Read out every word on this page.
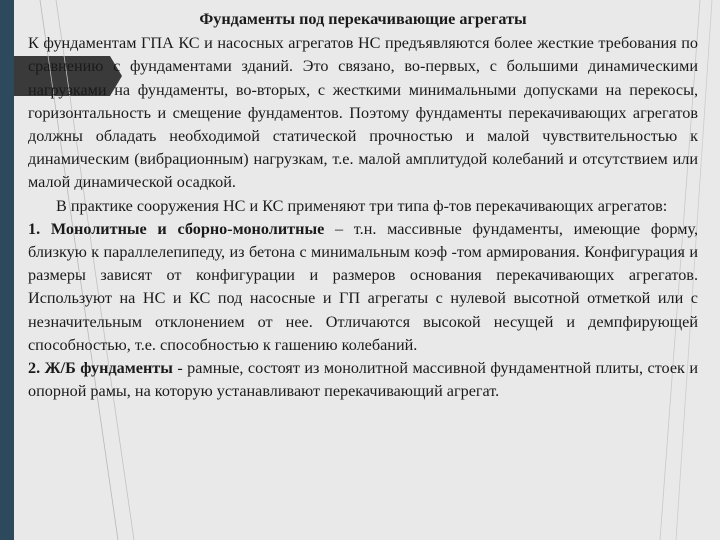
Фундаменты под перекачивающие агрегаты

К фундаментам ГПА КС и насосных агрегатов НС предъявляются более жесткие требования по сравнению с фундаментами зданий. Это связано, во-первых, с большими динамическими нагрузками на фундаменты, во-вторых, с жесткими минимальными допусками на перекосы, горизонтальность и смещение фундаментов. Поэтому фундаменты перекачивающих агрегатов должны обладать необходимой статической прочностью и малой чувствительностью к динамическим (вибрационным) нагрузкам, т.е. малой амплитудой колебаний и отсутствием или малой динамической осадкой.

В практике сооружения НС и КС применяют три типа ф-тов перекачивающих агрегатов:

1. Монолитные и сборно-монолитные – т.н. массивные фундаменты, имеющие форму, близкую к параллелепипеду, из бетона с минимальным коэф -том армирования. Конфигурация и размеры зависят от конфигурации и размеров основания перекачивающих агрегатов. Используют на НС и КС под насосные и ГП агрегаты с нулевой высотной отметкой или с незначительным отклонением от нее. Отличаются высокой несущей и демпфирующей способностью, т.е. способностью к гашению колебаний.

2. Ж/Б фундаменты - рамные, состоят из монолитной массивной фундаментной плиты, стоек и опорной рамы, на которую устанавливают перекачивающий агрегат.
